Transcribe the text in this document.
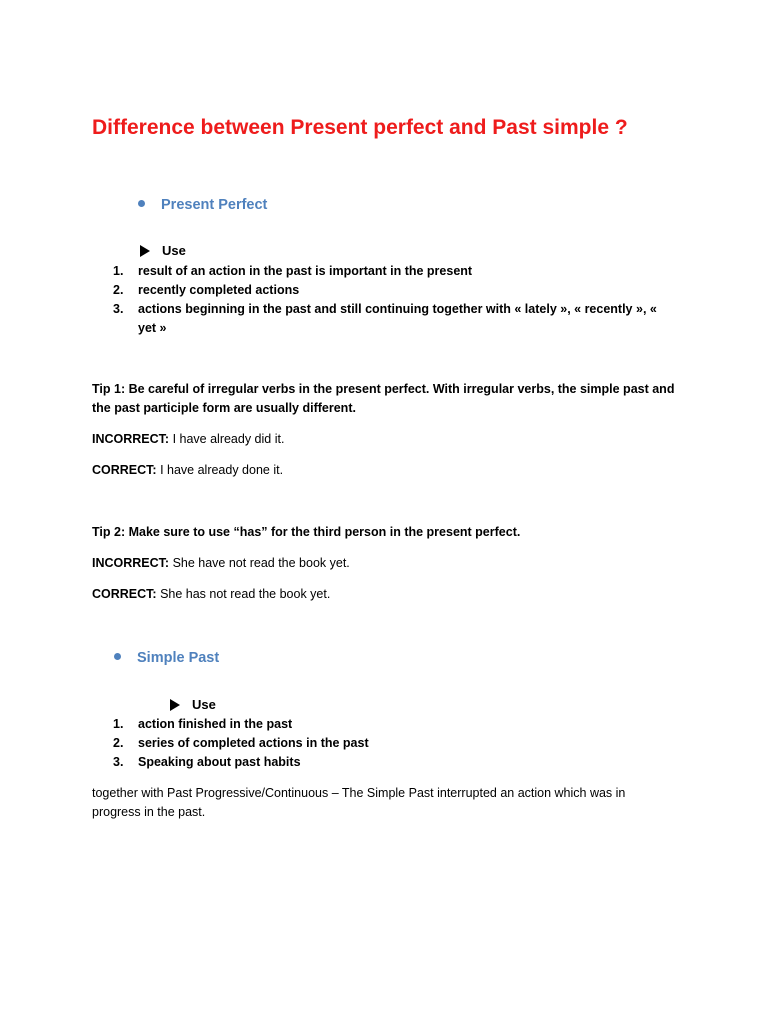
Difference between Present perfect and Past simple ?
Present Perfect
Use
1. result of an action in the past is important in the present
2. recently completed actions
3. actions beginning in the past and still continuing together with « lately », « recently », « yet »

Tip 1: Be careful of irregular verbs in the present perfect. With irregular verbs, the simple past and the past participle form are usually different.

INCORRECT: I have already did it.

CORRECT: I have already done it.

Tip 2: Make sure to use “has” for the third person in the present perfect.

INCORRECT: She have not read the book yet.

CORRECT: She has not read the book yet.

Simple Past
Use
1. action finished in the past
2. series of completed actions in the past
3. Speaking about past habits

together with Past Progressive/Continuous – The Simple Past interrupted an action which was in progress in the past.
